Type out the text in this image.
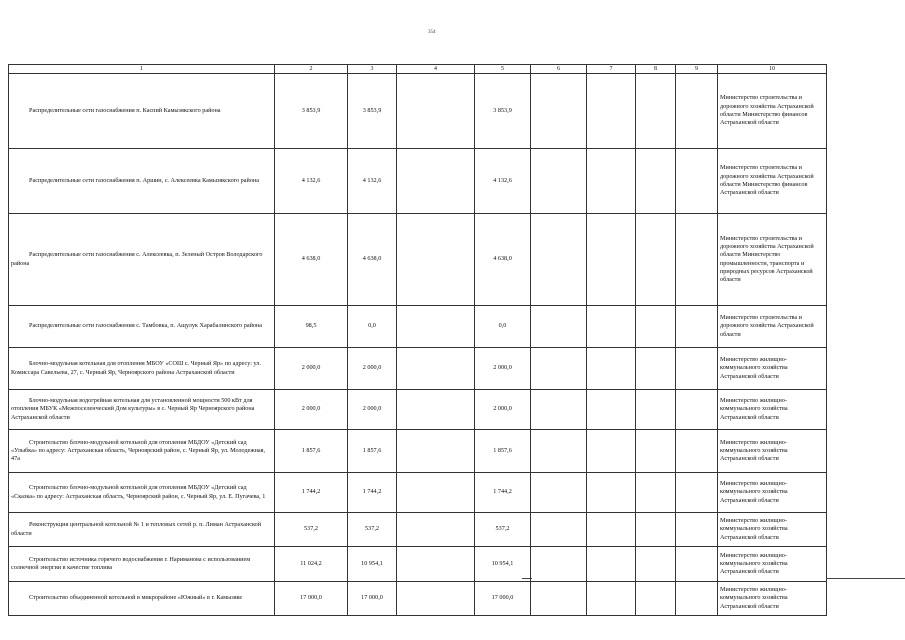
354
1	2	3	4	5	6	7	8	9	10
Распределительные сети газоснабжения п. Каспий Камызякского района	3 853,9	3 853,9		3 853,9					Министерство строительства и дорожного хозяйства Астраханской области Министерство финансов Астраханской области
Распределительные сети газоснабжения п. Аршин, с. Алексеевка Камызякского района	4 132,6	4 132,6		4 132,6					Министерство строительства и дорожного хозяйства Астраханской области Министерство финансов Астраханской области
Распределительные сети газоснабжения с. Алексеевка, п. Зеленый Остров Володарского района	4 638,0	4 638,0		4 638,0					Министерство строительства и дорожного хозяйства Астраханской области Министерство промышленности, транспорта и природных ресурсов Астраханской области
Распределительные сети газоснабжения с. Тамбовка, п. Ащулук Харабалинского района	98,5	0,0		0,0					Министерство строительства и дорожного хозяйства Астраханской области
Блочно-модульная котельная для отопления МБОУ «СОШ с. Черный Яр» по адресу: ул. Комиссара Савельева, 27, с. Черный Яр, Черноярского района Астраханской области	2 000,0	2 000,0		2 000,0					Министерство жилищно-коммунального хозяйства Астраханской области
Блочно-модульная водогрейная котельная для установленной мощности 500 кВт для отопления МБУК «Межпоселенческий Дом культуры» в с. Черный Яр Черноярского района Астраханской области	2 000,0	2 000,0		2 000,0					Министерство жилищно-коммунального хозяйства Астраханской области
Строительство блочно-модульной котельной для отопления МБДОУ «Детский сад «Улыбка» по адресу: Астраханская область, Черноярский район, с. Черный Яр, ул. Молодежная, 47а	1 857,6	1 857,6		1 857,6					Министерство жилищно-коммунального хозяйства Астраханской области
Строительство блочно-модульной котельной для отопления МБДОУ «Детский сад «Сказка» по адресу: Астраханская область, Черноярский район, с. Черный Яр, ул. Е. Пугачева, 1	1 744,2	1 744,2		1 744,2					Министерство жилищно-коммунального хозяйства Астраханской области
Реконструкция центральной котельной № 1 и тепловых сетей р. п. Лиман Астраханской области	537,2	537,2		537,2					Министерство жилищно-коммунального хозяйства Астраханской области
Строительство источника горячего водоснабжения г. Нариманова с использованием солнечной энергии в качестве топлива	11 024,2	10 954,1		10 954,1					Министерство жилищно-коммунального хозяйства Астраханской области
Строительство объединенной котельной в микрорайоне «Южный» в г. Камызяке	17 000,0	17 000,0		17 000,0					Министерство жилищно-коммунального хозяйства Астраханской области
